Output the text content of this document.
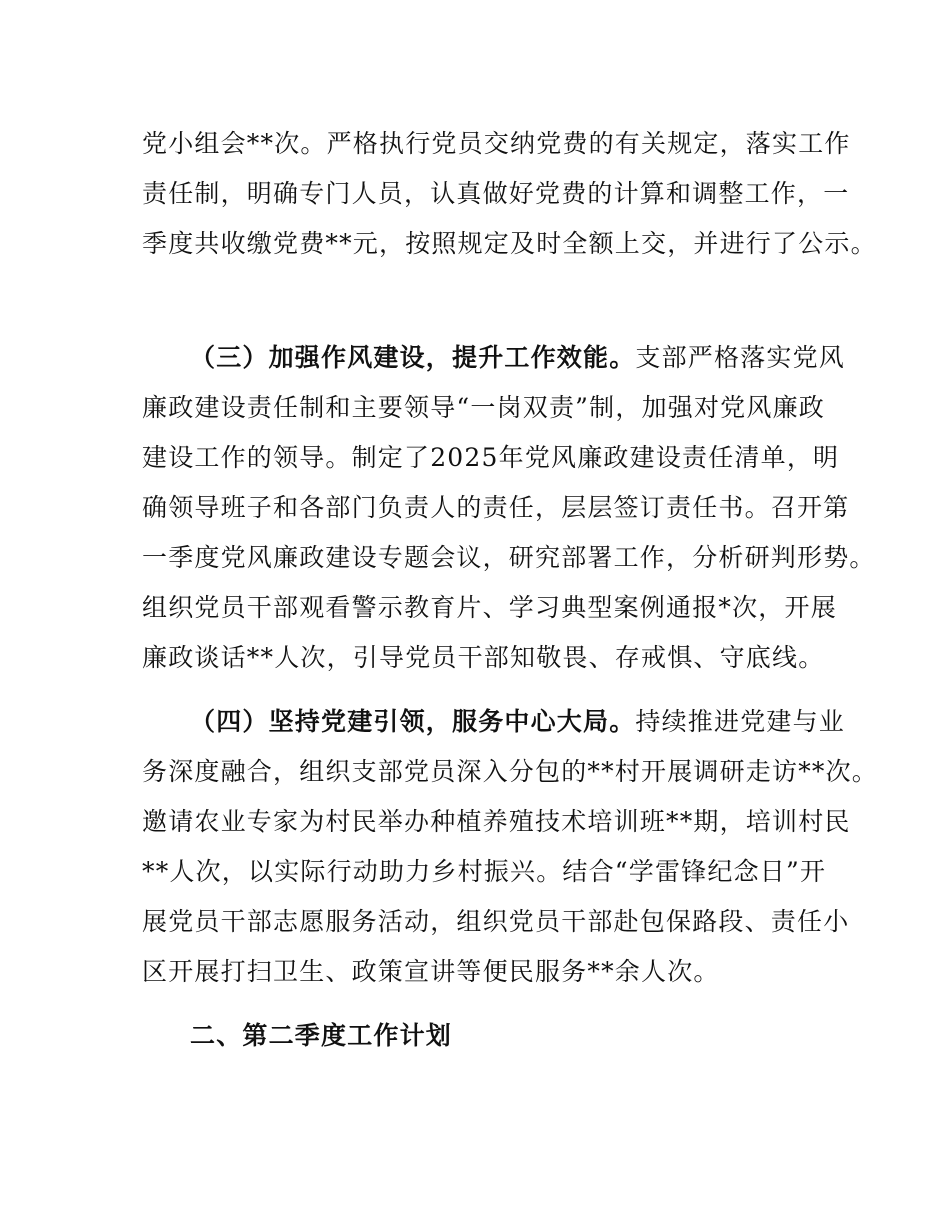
党小组会**次。严格执行党员交纳党费的有关规定，落实工作
责任制，明确专门人员，认真做好党费的计算和调整工作，一
季度共收缴党费**元，按照规定及时全额上交，并进行了公示。
（三）加强作风建设，提升工作效能。支部严格落实党风
廉政建设责任制和主要领导“一岗双责”制，加强对党风廉政
建设工作的领导。制定了2025年党风廉政建设责任清单，明
确领导班子和各部门负责人的责任，层层签订责任书。召开第
一季度党风廉政建设专题会议，研究部署工作，分析研判形势。
组织党员干部观看警示教育片、学习典型案例通报*次，开展
廉政谈话**人次，引导党员干部知敬畏、存戒惧、守底线。
（四）坚持党建引领，服务中心大局。持续推进党建与业
务深度融合，组织支部党员深入分包的**村开展调研走访**次。
邀请农业专家为村民举办种植养殖技术培训班**期，培训村民
**人次，以实际行动助力乡村振兴。结合“学雷锋纪念日”开
展党员干部志愿服务活动，组织党员干部赴包保路段、责任小
区开展打扫卫生、政策宣讲等便民服务**余人次。
二、第二季度工作计划
